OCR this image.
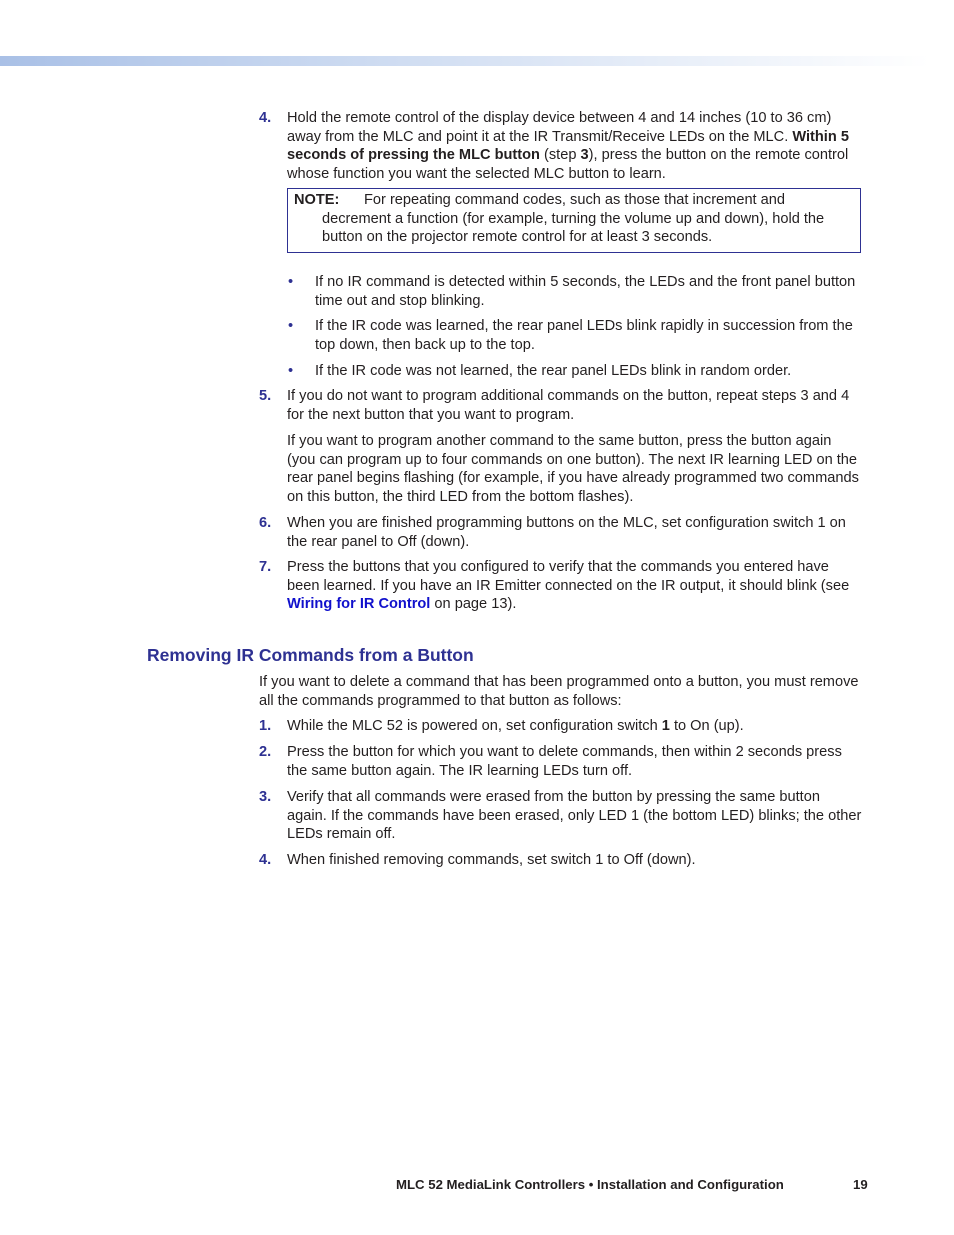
4. Hold the remote control of the display device between 4 and 14 inches (10 to 36 cm) away from the MLC and point it at the IR Transmit/Receive LEDs on the MLC. Within 5 seconds of pressing the MLC button (step 3), press the button on the remote control whose function you want the selected MLC button to learn.
NOTE: For repeating command codes, such as those that increment and
decrement a function (for example, turning the volume up and down), hold the button on the projector remote control for at least 3 seconds.
• If no IR command is detected within 5 seconds, the LEDs and the front panel button time out and stop blinking.
• If the IR code was learned, the rear panel LEDs blink rapidly in succession from the top down, then back up to the top.
• If the IR code was not learned, the rear panel LEDs blink in random order.
5. If you do not want to program additional commands on the button, repeat steps 3 and 4 for the next button that you want to program.
If you want to program another command to the same button, press the button again (you can program up to four commands on one button). The next IR learning LED on the rear panel begins flashing (for example, if you have already programmed two commands on this button, the third LED from the bottom flashes).
6. When you are finished programming buttons on the MLC, set configuration switch 1 on the rear panel to Off (down).
7. Press the buttons that you configured to verify that the commands you entered have been learned. If you have an IR Emitter connected on the IR output, it should blink (see Wiring for IR Control on page 13).
Removing IR Commands from a Button
If you want to delete a command that has been programmed onto a button, you must remove all the commands programmed to that button as follows:
1. While the MLC 52 is powered on, set configuration switch 1 to On (up).
2. Press the button for which you want to delete commands, then within 2 seconds press the same button again. The IR learning LEDs turn off.
3. Verify that all commands were erased from the button by pressing the same button again. If the commands have been erased, only LED 1 (the bottom LED) blinks; the other LEDs remain off.
4. When finished removing commands, set switch 1 to Off (down).
MLC 52 MediaLink Controllers • Installation and Configuration	19
